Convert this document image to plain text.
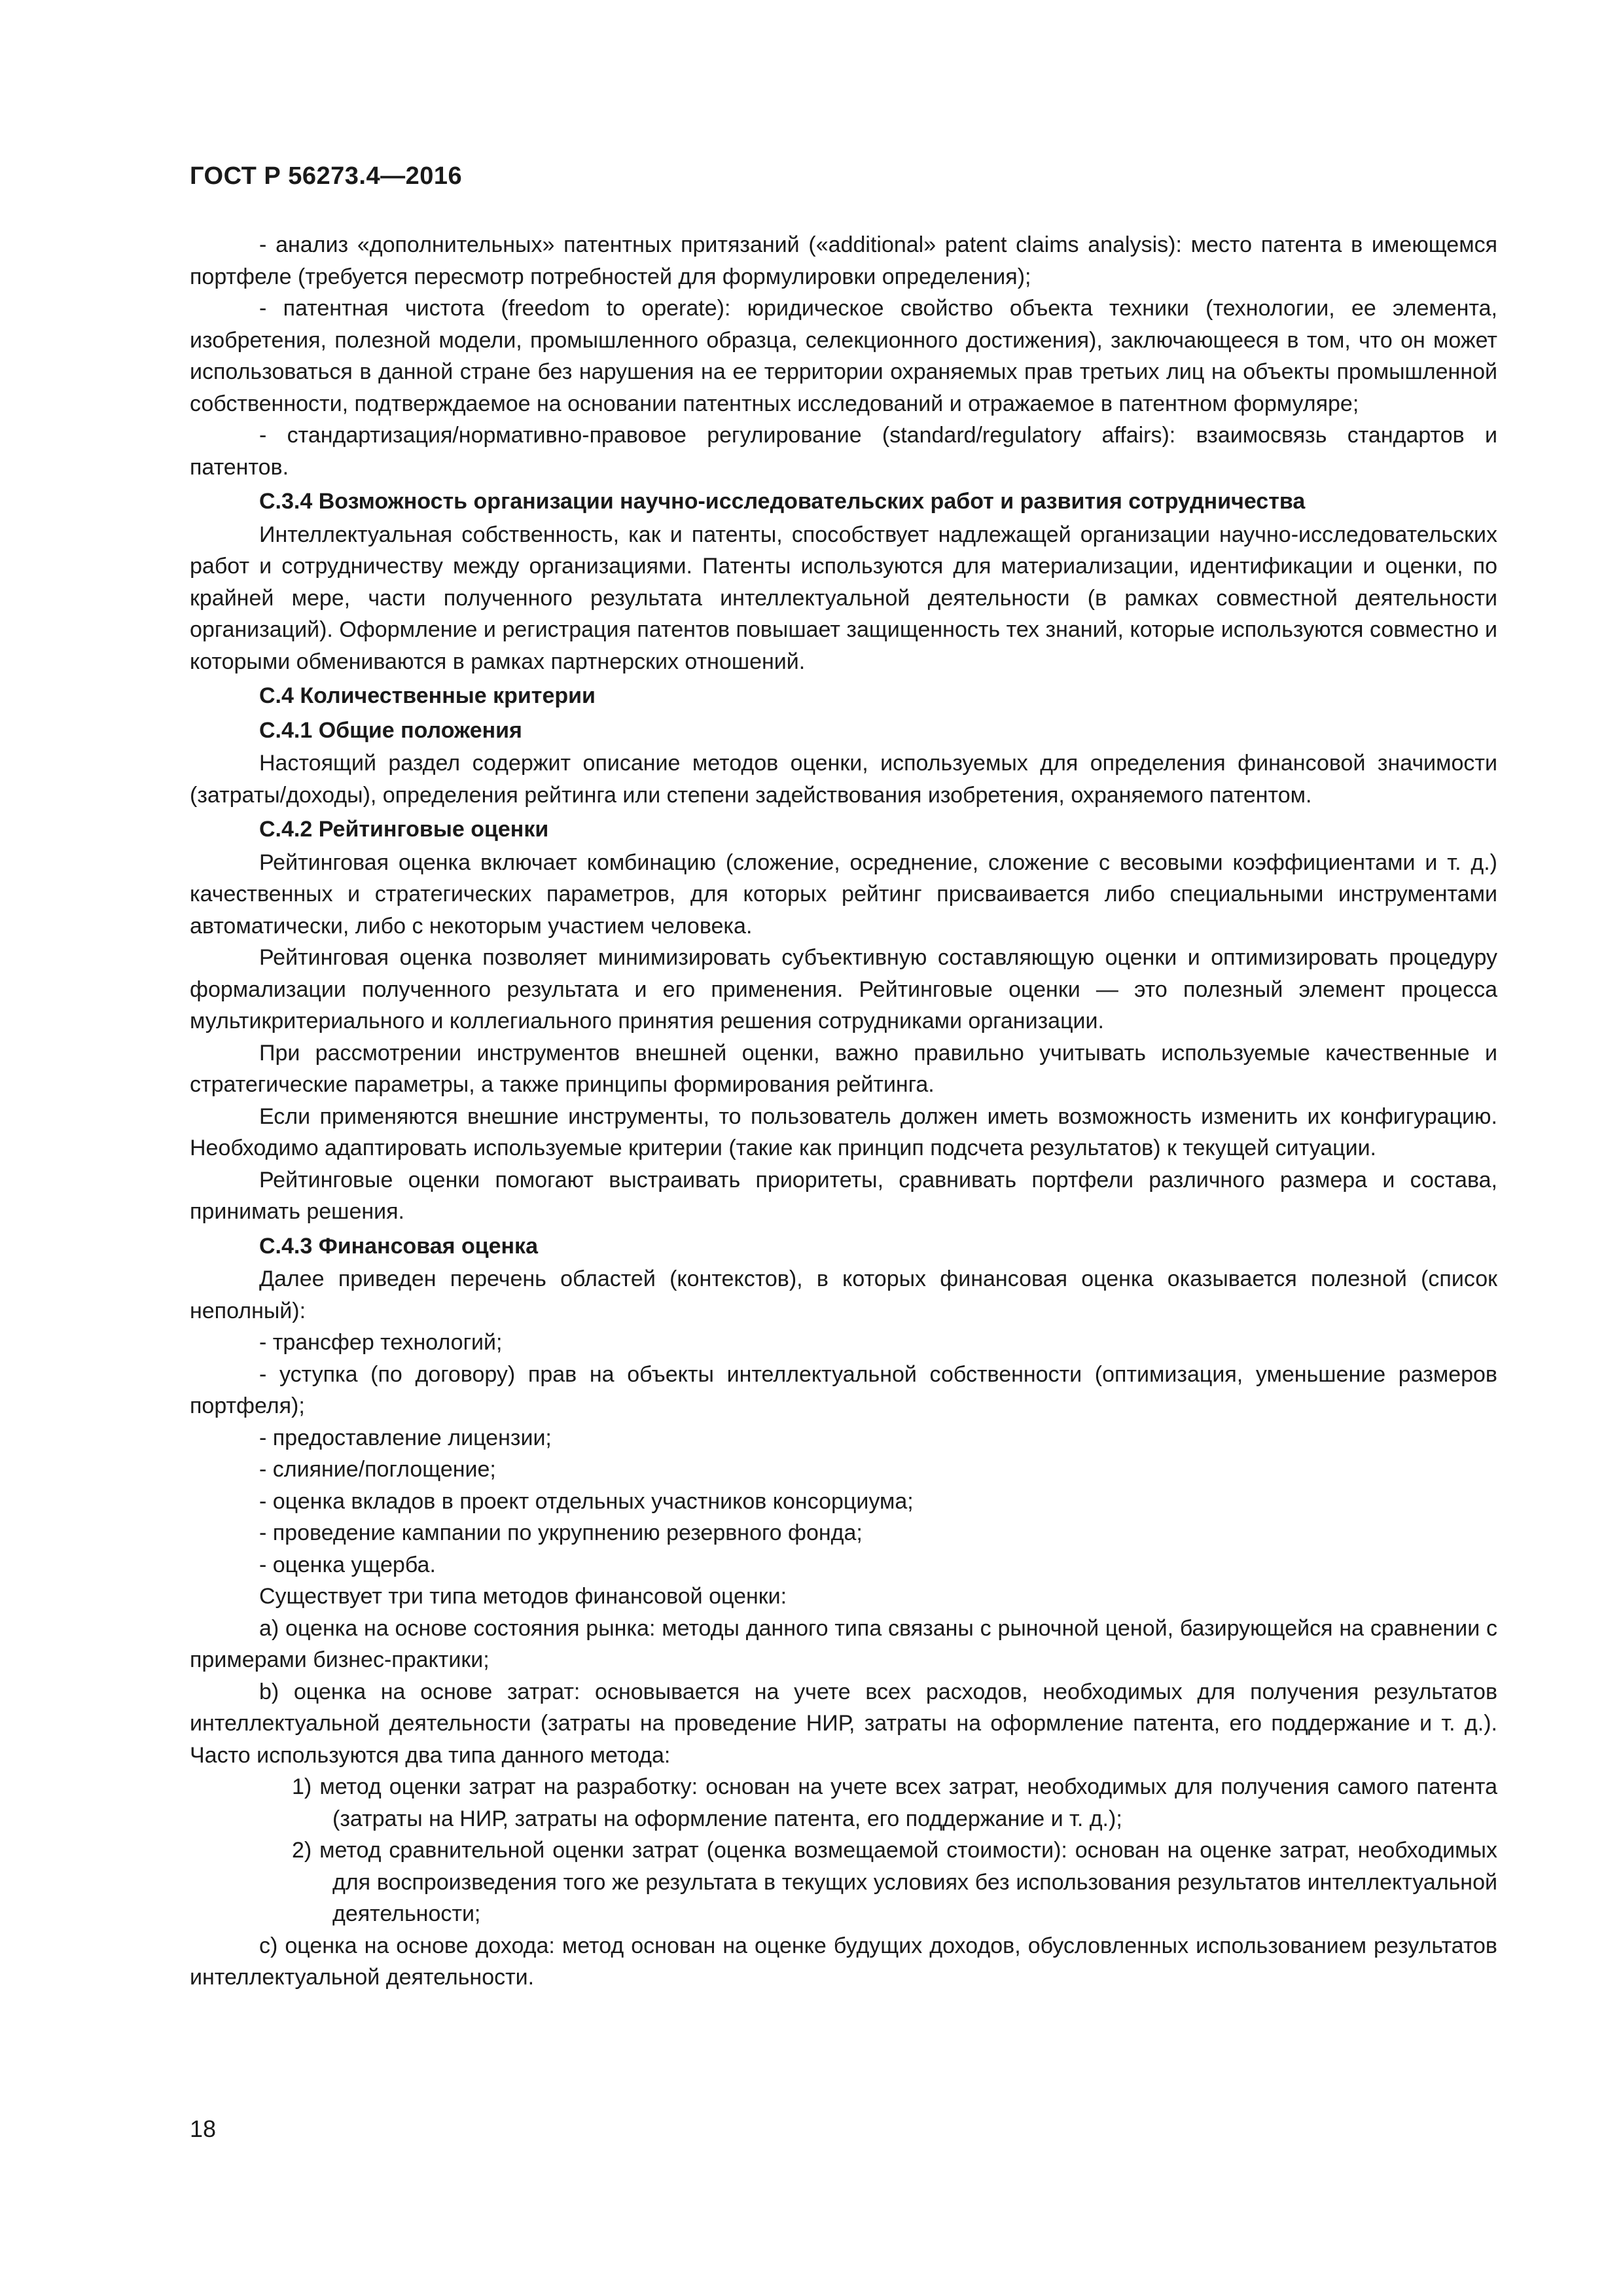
ГОСТ Р 56273.4—2016

- анализ «дополнительных» патентных притязаний («additional» patent claims analysis): место патента в имеющемся портфеле (требуется пересмотр потребностей для формулировки определения);

- патентная чистота (freedom to operate): юридическое свойство объекта техники (технологии, ее элемента, изобретения, полезной модели, промышленного образца, селекционного достижения), заключающееся в том, что он может использоваться в данной стране без нарушения на ее территории охраняемых прав третьих лиц на объекты промышленной собственности, подтверждаемое на основании патентных исследований и отражаемое в патентном формуляре;

- стандартизация/нормативно-правовое регулирование (standard/regulatory affairs): взаимосвязь стандартов и патентов.

С.3.4 Возможность организации научно-исследовательских работ и развития сотрудничества

Интеллектуальная собственность, как и патенты, способствует надлежащей организации научно-исследовательских работ и сотрудничеству между организациями. Патенты используются для материализации, идентификации и оценки, по крайней мере, части полученного результата интеллектуальной деятельности (в рамках совместной деятельности организаций). Оформление и регистрация патентов повышает защищенность тех знаний, которые используются совместно и которыми обмениваются в рамках партнерских отношений.

С.4 Количественные критерии

С.4.1 Общие положения

Настоящий раздел содержит описание методов оценки, используемых для определения финансовой значимости (затраты/доходы), определения рейтинга или степени задействования изобретения, охраняемого патентом.

С.4.2 Рейтинговые оценки

Рейтинговая оценка включает комбинацию (сложение, осреднение, сложение с весовыми коэффициентами и т. д.) качественных и стратегических параметров, для которых рейтинг присваивается либо специальными инструментами автоматически, либо с некоторым участием человека.

Рейтинговая оценка позволяет минимизировать субъективную составляющую оценки и оптимизировать процедуру формализации полученного результата и его применения. Рейтинговые оценки — это полезный элемент процесса мультикритериального и коллегиального принятия решения сотрудниками организации.

При рассмотрении инструментов внешней оценки, важно правильно учитывать используемые качественные и стратегические параметры, а также принципы формирования рейтинга.

Если применяются внешние инструменты, то пользователь должен иметь возможность изменить их конфигурацию. Необходимо адаптировать используемые критерии (такие как принцип подсчета результатов) к текущей ситуации.

Рейтинговые оценки помогают выстраивать приоритеты, сравнивать портфели различного размера и состава, принимать решения.

С.4.3 Финансовая оценка

Далее приведен перечень областей (контекстов), в которых финансовая оценка оказывается полезной (список неполный):

- трансфер технологий;

- уступка (по договору) прав на объекты интеллектуальной собственности (оптимизация, уменьшение размеров портфеля);

- предоставление лицензии;

- слияние/поглощение;

- оценка вкладов в проект отдельных участников консорциума;

- проведение кампании по укрупнению резервного фонда;

- оценка ущерба.

Существует три типа методов финансовой оценки:

a) оценка на основе состояния рынка: методы данного типа связаны с рыночной ценой, базирующейся на сравнении с примерами бизнес-практики;

b) оценка на основе затрат: основывается на учете всех расходов, необходимых для получения результатов интеллектуальной деятельности (затраты на проведение НИР, затраты на оформление патента, его поддержание и т. д.). Часто используются два типа данного метода:

1) метод оценки затрат на разработку: основан на учете всех затрат, необходимых для получения самого патента (затраты на НИР, затраты на оформление патента, его поддержание и т. д.);

2) метод сравнительной оценки затрат (оценка возмещаемой стоимости): основан на оценке затрат, необходимых для воспроизведения того же результата в текущих условиях без использования результатов интеллектуальной деятельности;

c) оценка на основе дохода: метод основан на оценке будущих доходов, обусловленных использованием результатов интеллектуальной деятельности.

18
